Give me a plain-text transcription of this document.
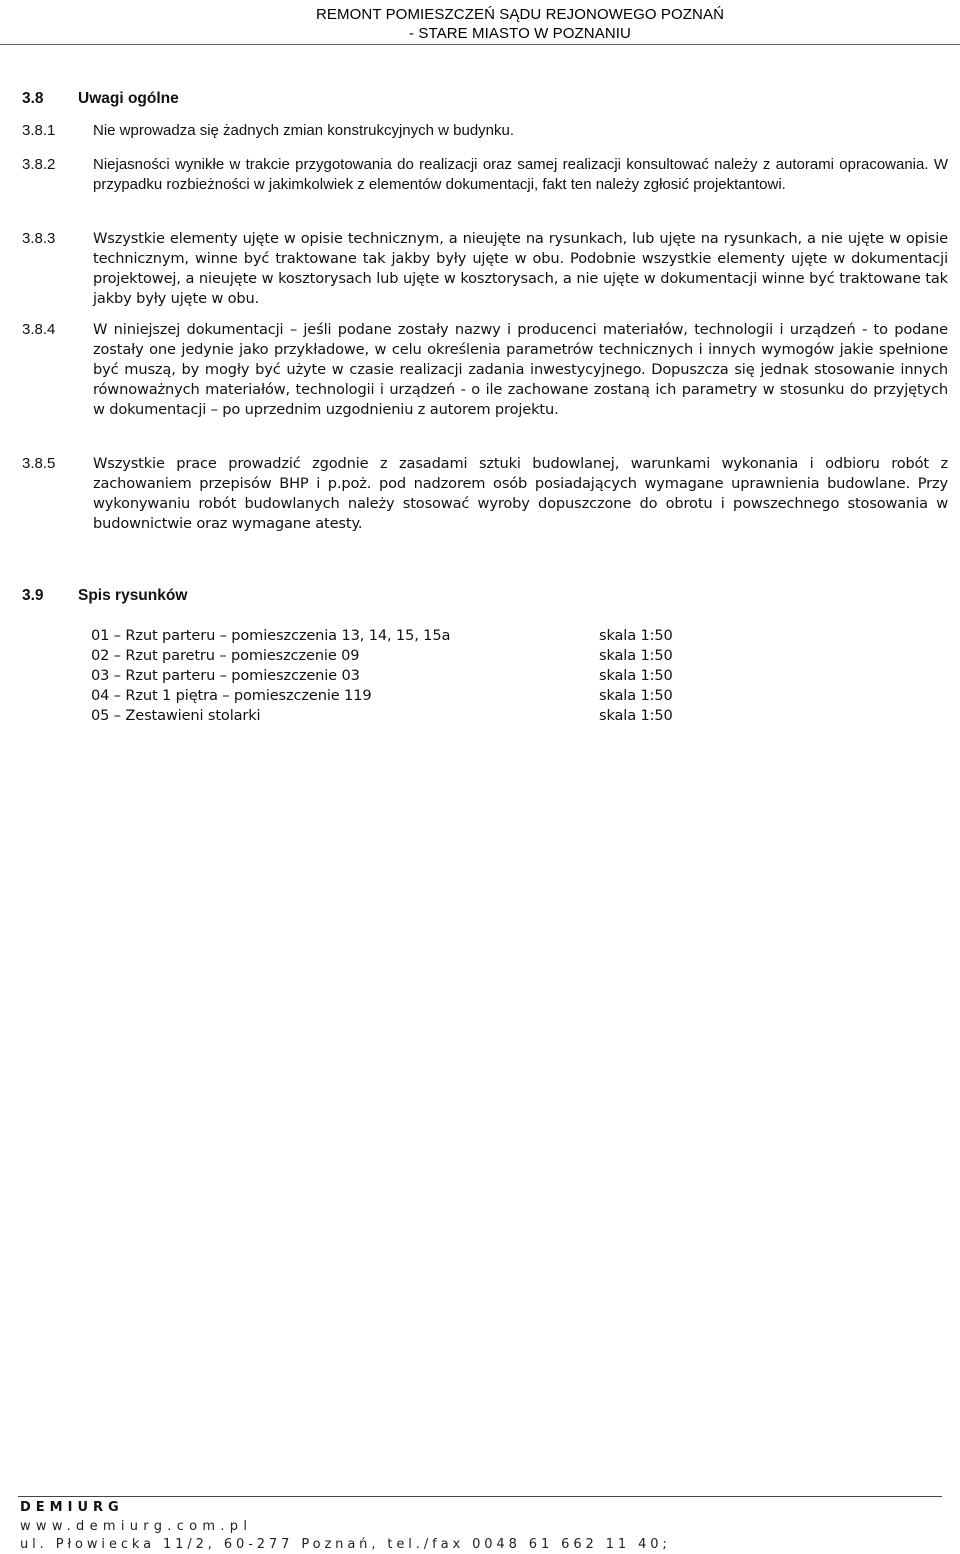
REMONT POMIESZCZEŃ SĄDU REJONOWEGO POZNAŃ
- STARE MIASTO W POZNANIU
3.8 Uwagi ogólne
3.8.1	Nie wprowadza się żadnych zmian konstrukcyjnych w budynku.
3.8.2	Niejasności wynikłe w trakcie przygotowania do realizacji oraz samej realizacji konsultować należy z autorami opracowania. W przypadku rozbieżności w jakimkolwiek z elementów dokumentacji, fakt ten należy zgłosić projektantowi.
3.8.3	Wszystkie elementy ujęte w opisie technicznym, a nieujęte na rysunkach, lub ujęte na rysunkach, a nie ujęte w opisie technicznym, winne być traktowane tak jakby były ujęte w obu. Podobnie wszystkie elementy ujęte w dokumentacji projektowej, a nieujęte w kosztorysach lub ujęte w kosztorysach, a nie ujęte w dokumentacji winne być traktowane tak jakby były ujęte w obu.
3.8.4	W niniejszej dokumentacji – jeśli podane zostały nazwy i producenci materiałów, technologii i urządzeń - to podane zostały one jedynie jako przykładowe, w celu określenia parametrów technicznych i innych wymogów jakie spełnione być muszą, by mogły być użyte w czasie realizacji zadania inwestycyjnego. Dopuszcza się jednak stosowanie innych równoważnych materiałów, technologii i urządzeń - o ile zachowane zostaną ich parametry w stosunku do przyjętych w dokumentacji – po uprzednim uzgodnieniu z autorem projektu.
3.8.5	Wszystkie prace prowadzić zgodnie z zasadami sztuki budowlanej, warunkami wykonania i odbioru robót z zachowaniem przepisów BHP i p.poż. pod nadzorem osób posiadających wymagane uprawnienia budowlane. Przy wykonywaniu robót budowlanych należy stosować wyroby dopuszczone do obrotu i powszechnego stosowania w budownictwie oraz wymagane atesty.
3.9 Spis rysunków
01 – Rzut parteru – pomieszczenia 13, 14, 15, 15a	skala 1:50
02 – Rzut paretru – pomieszczenie 09	skala 1:50
03 – Rzut parteru – pomieszczenie 03	skala 1:50
04 – Rzut 1 piętra – pomieszczenie 119	skala 1:50
05 – Zestawieni stolarki	skala 1:50
DEMIURG
www.demiurg.com.pl
ul. Płowiecka 11/2, 60-277 Poznań, tel./fax 0048 61 662 11 40;
